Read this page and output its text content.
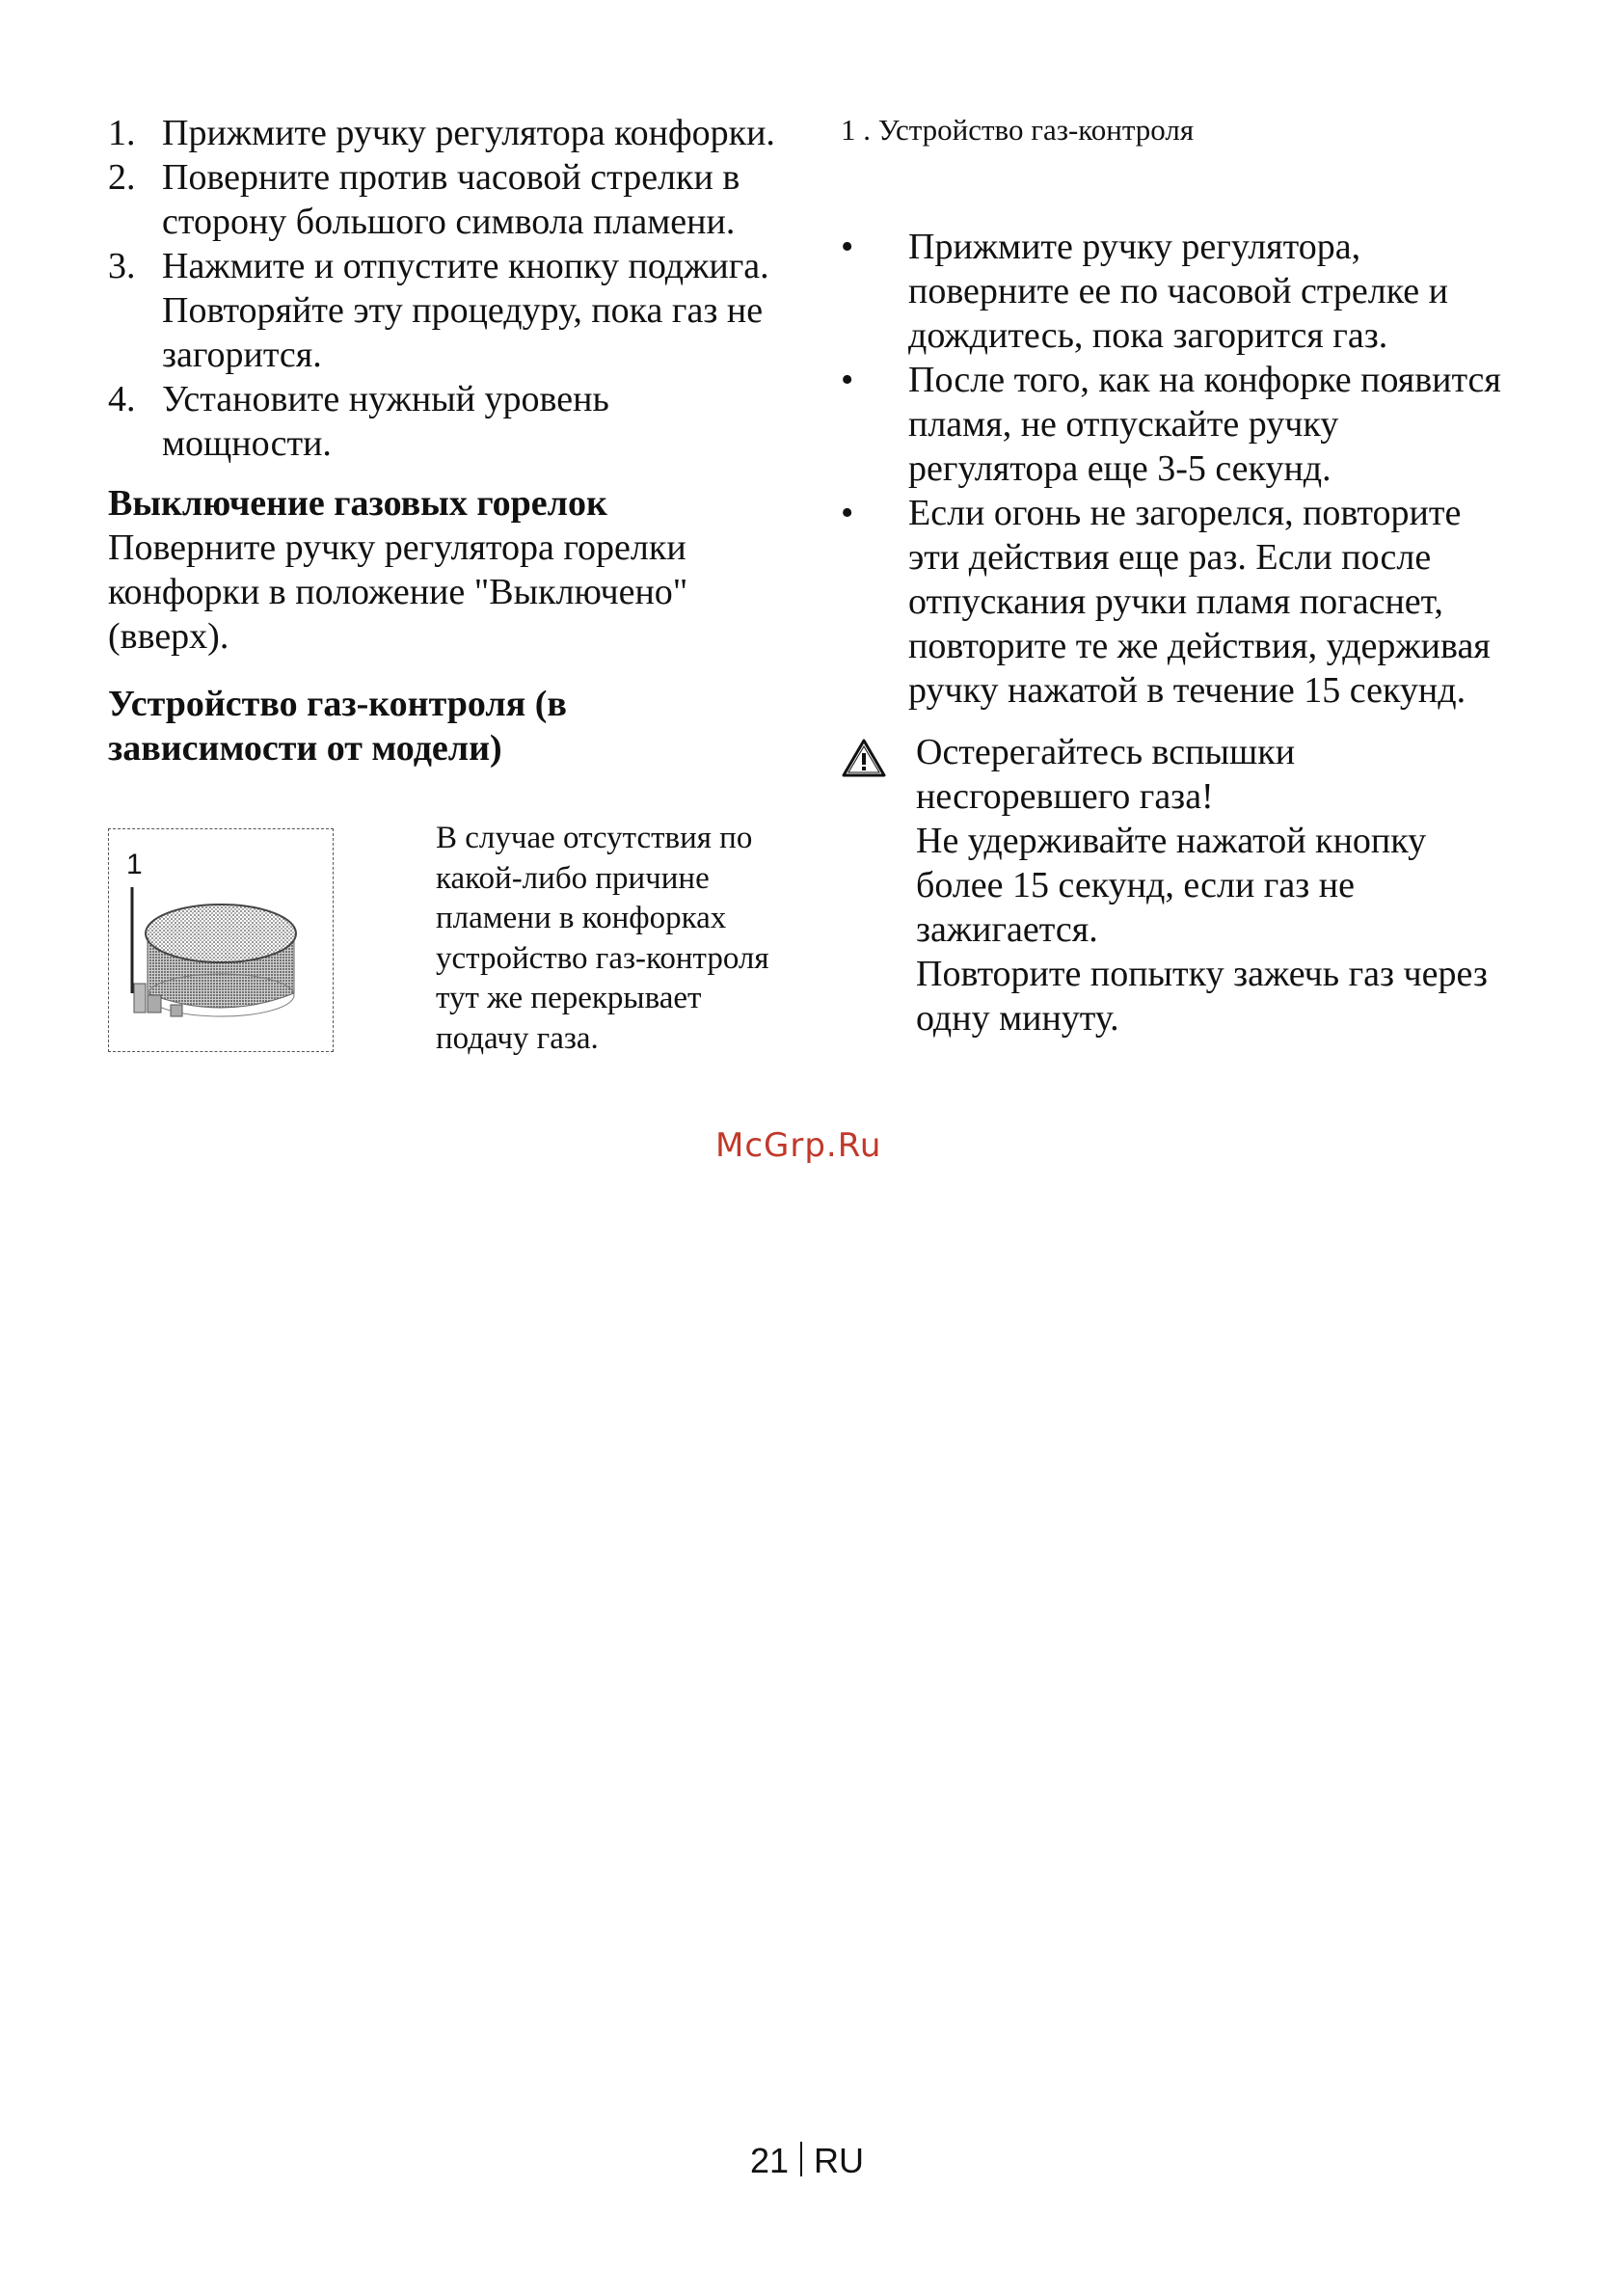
1. Прижмите ручку регулятора конфорки.
2. Поверните против часовой стрелки в сторону большого символа пламени.
3. Нажмите и отпустите кнопку поджига. Повторяйте эту процедуру, пока газ не загорится.
4. Установите нужный уровень мощности.

Выключение газовых горелок

Поверните ручку регулятора горелки конфорки в положение "Выключено" (вверх).

Устройство газ-контроля (в зависимости от модели)

1
В случае отсутствия по какой-либо причине пламени в конфорках устройство газ-контроля тут же перекрывает подачу газа.

1 . Устройство газ-контроля

• Прижмите ручку регулятора, поверните ее по часовой стрелке и дождитесь, пока загорится газ.
• После того, как на конфорке появится пламя, не отпускайте ручку регулятора еще 3-5 секунд.
• Если огонь не загорелся, повторите эти действия еще раз. Если после отпускания ручки пламя погаснет, повторите те же действия, удерживая ручку нажатой в течение 15 секунд.

Остерегайтесь вспышки несгоревшего газа!

Не удерживайте нажатой кнопку более 15 секунд, если газ не зажигается.

Повторите попытку зажечь газ через одну минуту.

McGrp.Ru
21 RU
